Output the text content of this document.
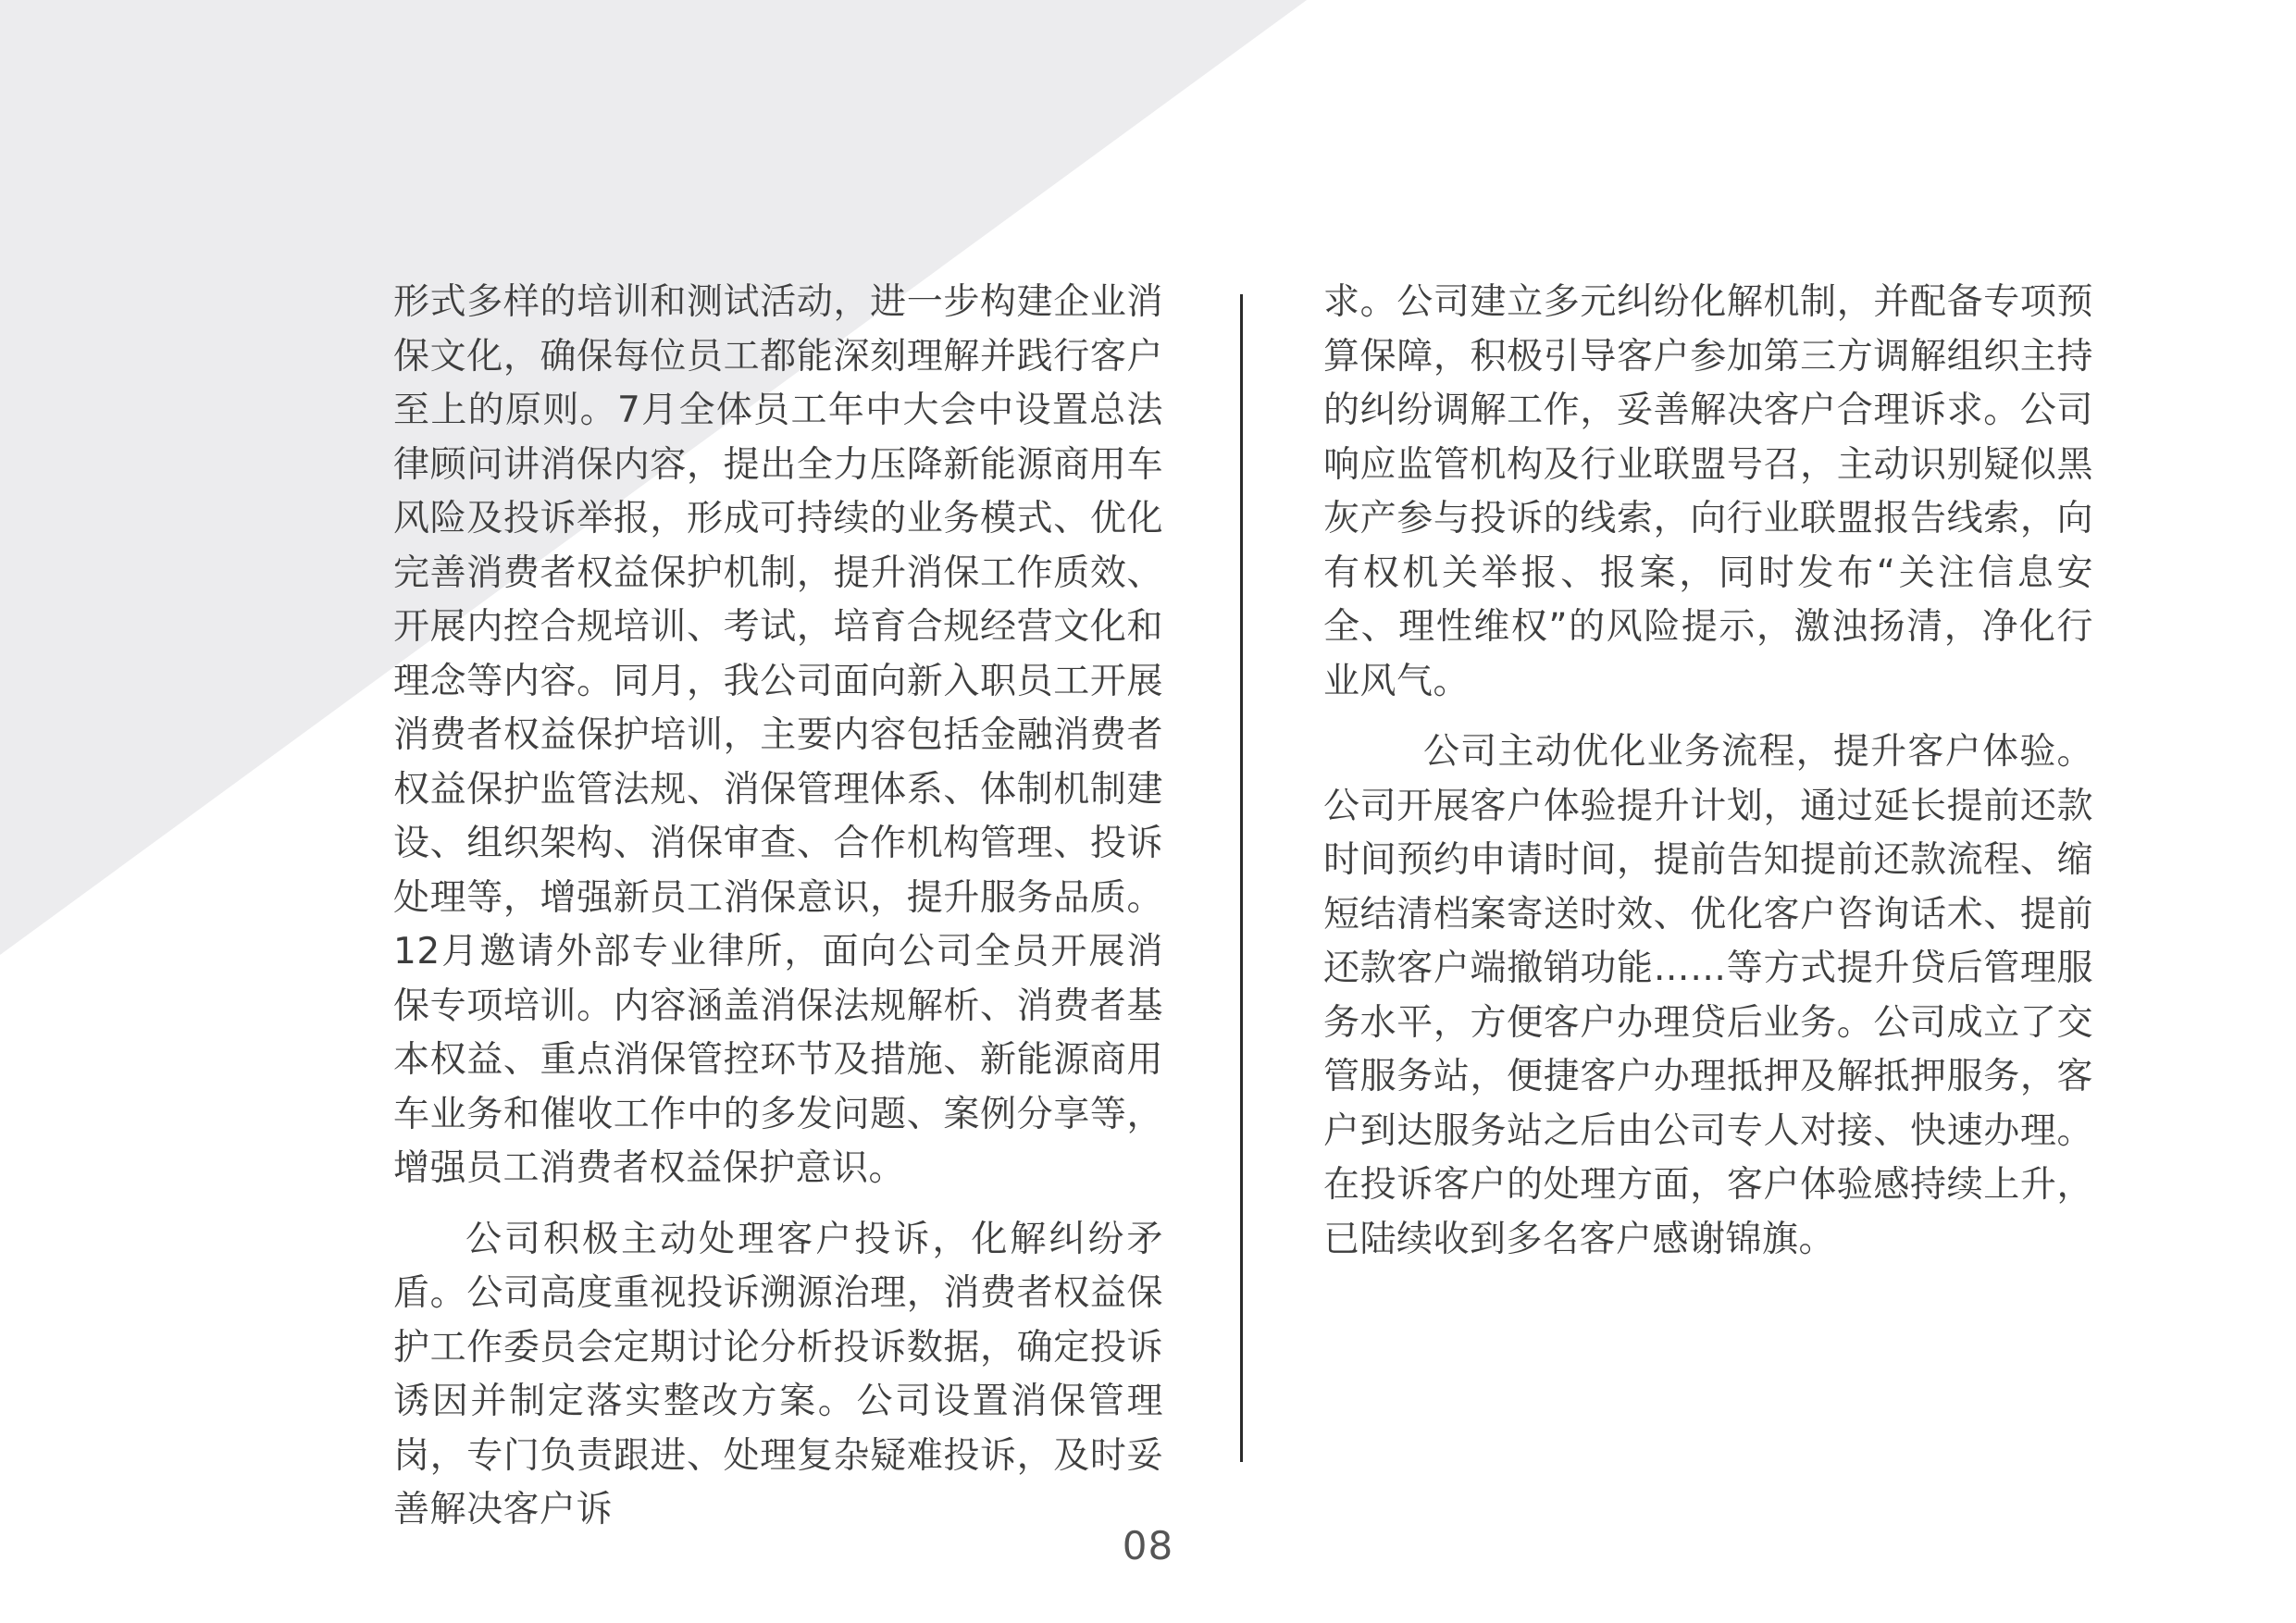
形式多样的培训和测试活动，进一步构建企业消保文化，确保每位员工都能深刻理解并践行客户至上的原则。7月全体员工年中大会中设置总法律顾问讲消保内容，提出全力压降新能源商用车风险及投诉举报，形成可持续的业务模式、优化完善消费者权益保护机制，提升消保工作质效、开展内控合规培训、考试，培育合规经营文化和理念等内容。同月，我公司面向新入职员工开展消费者权益保护培训，主要内容包括金融消费者权益保护监管法规、消保管理体系、体制机制建设、组织架构、消保审查、合作机构管理、投诉处理等，增强新员工消保意识，提升服务品质。12月邀请外部专业律所，面向公司全员开展消保专项培训。内容涵盖消保法规解析、消费者基本权益、重点消保管控环节及措施、新能源商用车业务和催收工作中的多发问题、案例分享等，增强员工消费者权益保护意识。

公司积极主动处理客户投诉，化解纠纷矛盾。公司高度重视投诉溯源治理，消费者权益保护工作委员会定期讨论分析投诉数据，确定投诉诱因并制定落实整改方案。公司设置消保管理岗，专门负责跟进、处理复杂疑难投诉，及时妥善解决客户诉

求。公司建立多元纠纷化解机制，并配备专项预算保障，积极引导客户参加第三方调解组织主持的纠纷调解工作，妥善解决客户合理诉求。公司响应监管机构及行业联盟号召，主动识别疑似黑灰产参与投诉的线索，向行业联盟报告线索，向有权机关举报、报案，同时发布“关注信息安全、理性维权”的风险提示，激浊扬清，净化行业风气。

公司主动优化业务流程，提升客户体验。公司开展客户体验提升计划，通过延长提前还款时间预约申请时间，提前告知提前还款流程、缩短结清档案寄送时效、优化客户咨询话术、提前还款客户端撤销功能……等方式提升贷后管理服务水平，方便客户办理贷后业务。公司成立了交管服务站，便捷客户办理抵押及解抵押服务，客户到达服务站之后由公司专人对接、快速办理。在投诉客户的处理方面，客户体验感持续上升，已陆续收到多名客户感谢锦旗。

08
